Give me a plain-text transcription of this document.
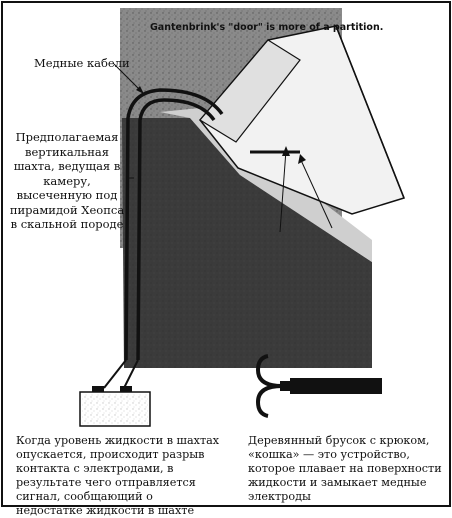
Gantenbrink's "door" is more of a partition.
Медные кабели
Предполагаемая вертикальная шахта, ведущая в камеру, высеченную под пирамидой Хеопса в скальной породе
Когда уровень жидкости в шахтах опускается, происходит разрыв контакта с электродами, в результате чего отправляется сигнал, сообщающий о недостатке жидкости в шахте
Деревянный брусок с крюком, «кошка» — это устройство, которое плавает на поверхности жидкости и замыкает медные электроды
